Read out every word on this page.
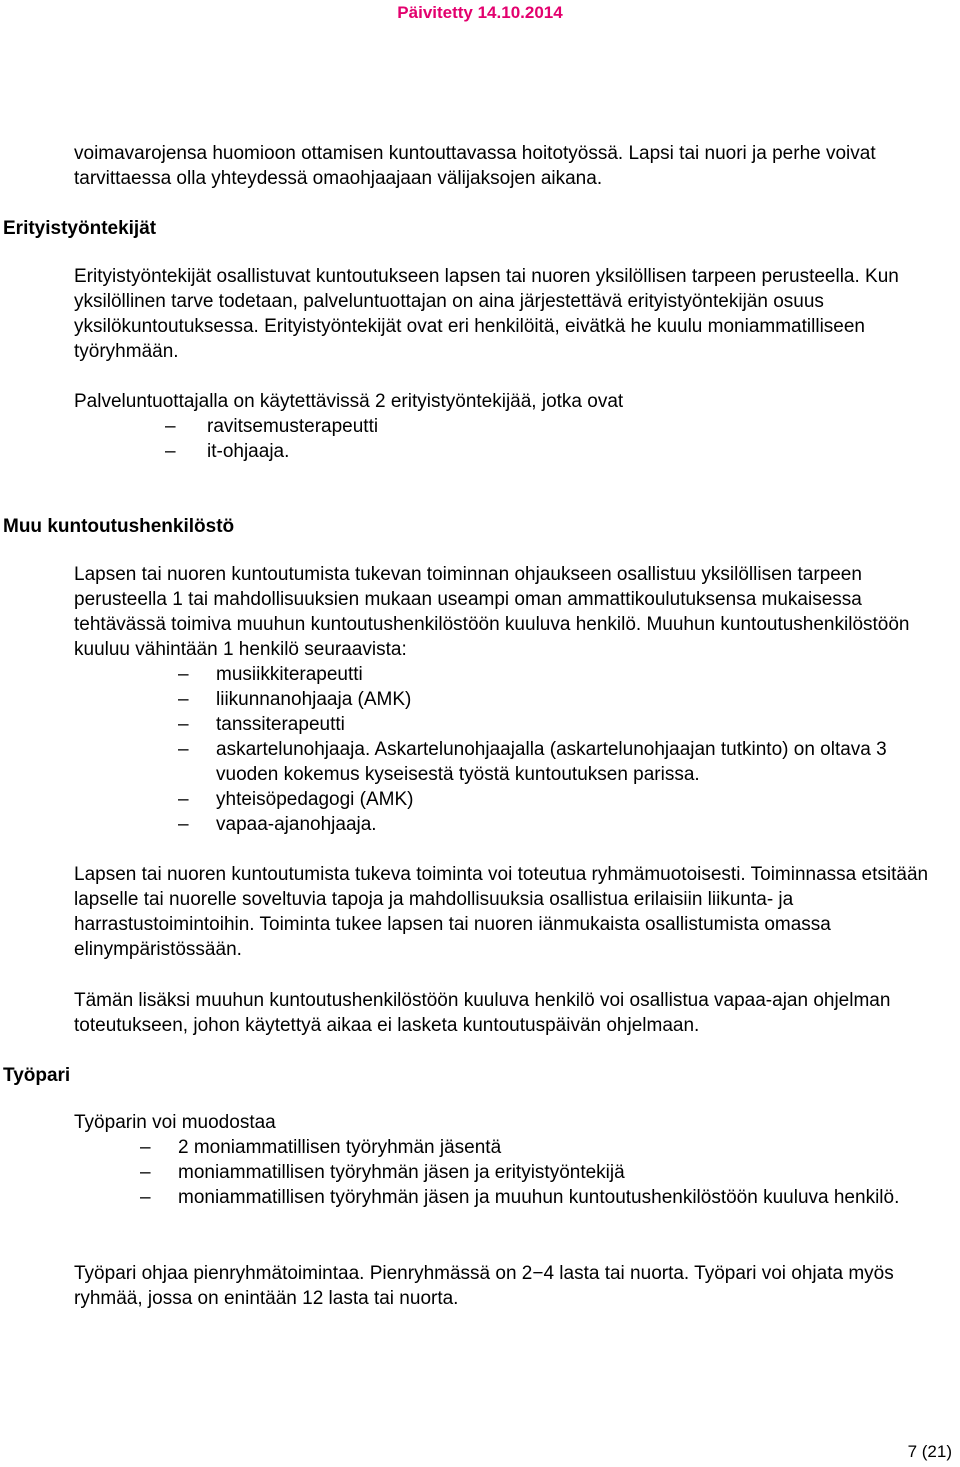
Päivitetty 14.10.2014

voimavarojensa huomioon ottamisen kuntouttavassa hoitotyössä. Lapsi tai nuori ja perhe voivat tarvittaessa olla yhteydessä omaohjaajaan välijaksojen aikana.

Erityistyöntekijät

Erityistyöntekijät osallistuvat kuntoutukseen lapsen tai nuoren yksilöllisen tarpeen perusteella. Kun yksilöllinen tarve todetaan, palveluntuottajan on aina järjestettävä erityistyöntekijän osuus yksilökuntoutuksessa. Erityistyöntekijät ovat eri henkilöitä, eivätkä he kuulu moniammatilliseen työryhmään.

Palveluntuottajalla on käytettävissä 2 erityistyöntekijää, jotka ovat

– ravitsemusterapeutti
– it-ohjaaja.
Muu kuntoutushenkilöstö

Lapsen tai nuoren kuntoutumista tukevan toiminnan ohjaukseen osallistuu yksilöllisen tarpeen perusteella 1 tai mahdollisuuksien mukaan useampi oman ammattikoulutuksensa mukaisessa tehtävässä toimiva muuhun kuntoutushenkilöstöön kuuluva henkilö. Muuhun kuntoutushenkilöstöön kuuluu vähintään 1 henkilö seuraavista:

– musiikkiterapeutti
– liikunnanohjaaja (AMK)
– tanssiterapeutti
– askartelunohjaaja. Askartelunohjaajalla (askartelunohjaajan tutkinto) on oltava 3 vuoden kokemus kyseisestä työstä kuntoutuksen parissa.
– yhteisöpedagogi (AMK)
– vapaa-ajanohjaaja.

Lapsen tai nuoren kuntoutumista tukeva toiminta voi toteutua ryhmämuotoisesti. Toiminnassa etsitään lapselle tai nuorelle soveltuvia tapoja ja mahdollisuuksia osallistua erilaisiin liikunta- ja harrastustoimintoihin. Toiminta tukee lapsen tai nuoren iänmukaista osallistumista omassa elinympäristössään.

Tämän lisäksi muuhun kuntoutushenkilöstöön kuuluva henkilö voi osallistua vapaa-ajan ohjelman toteutukseen, johon käytettyä aikaa ei lasketa kuntoutuspäivän ohjelmaan.

Työpari

Työparin voi muodostaa

– 2 moniammatillisen työryhmän jäsentä
– moniammatillisen työryhmän jäsen ja erityistyöntekijä
– moniammatillisen työryhmän jäsen ja muuhun kuntoutushenkilöstöön kuuluva henkilö.

Työpari ohjaa pienryhmätoimintaa. Pienryhmässä on 2−4 lasta tai nuorta. Työpari voi ohjata myös ryhmää, jossa on enintään 12 lasta tai nuorta.

7 (21)
